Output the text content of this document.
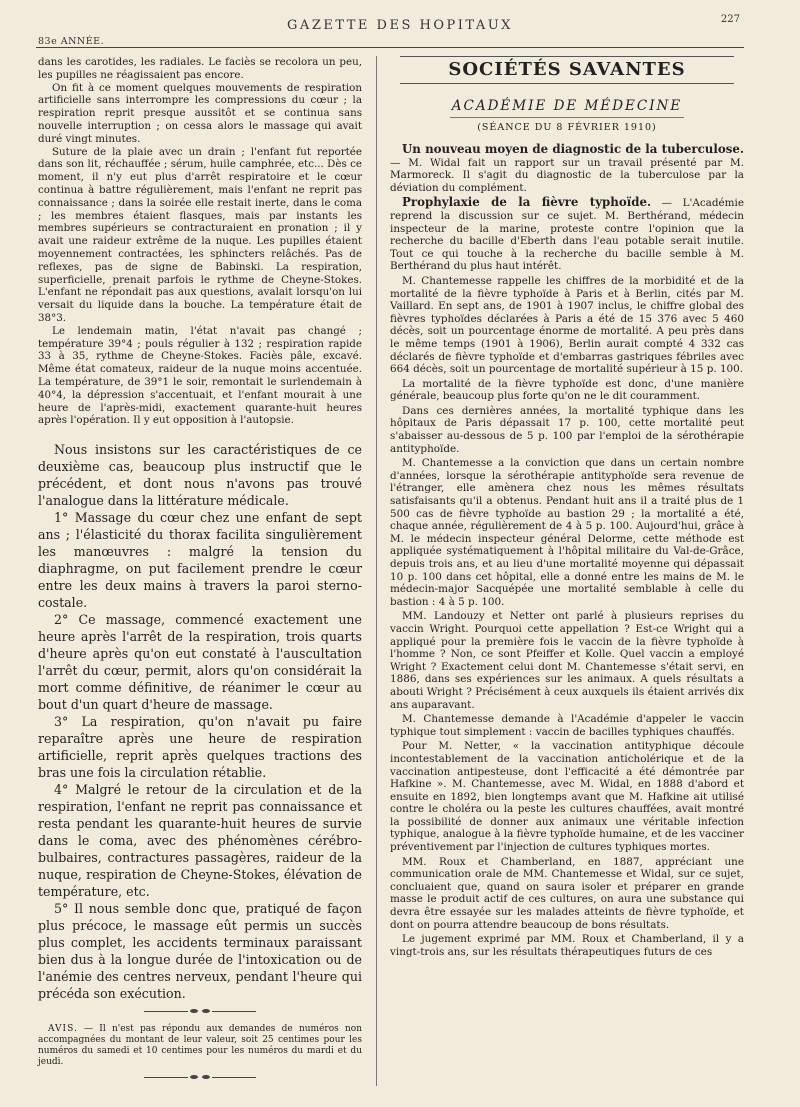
GAZETTE DES HOPITAUX	227
83e ANNÉE.

dans les carotides, les radiales. Le faciès se recolora un peu, les pupilles ne réagissaient pas encore.

On fit à ce moment quelques mouvements de respiration artificielle sans interrompre les compressions du cœur ; la respiration reprit presque aussitôt et se continua sans nouvelle interruption ; on cessa alors le massage qui avait duré vingt minutes.

Suture de la plaie avec un drain ; l'enfant fut reportée dans son lit, réchauffée ; sérum, huile camphrée, etc... Dès ce moment, il n'y eut plus d'arrêt respiratoire et le cœur continua à battre régulièrement, mais l'enfant ne reprit pas connaissance ; dans la soirée elle restait inerte, dans le coma ; les membres étaient flasques, mais par instants les membres supérieurs se contracturaient en pronation ; il y avait une raideur extrême de la nuque. Les pupilles étaient moyennement contractées, les sphincters relâchés. Pas de reflexes, pas de signe de Babinski. La respiration, superficielle, prenait parfois le rythme de Cheyne-Stokes. L'enfant ne répondait pas aux questions, avalait lorsqu'on lui versait du liquide dans la bouche. La température était de 38°3.

Le lendemain matin, l'état n'avait pas changé ; température 39°4 ; pouls régulier à 132 ; respiration rapide 33 à 35, rythme de Cheyne-Stokes. Faciès pâle, excavé. Même état comateux, raideur de la nuque moins accentuée. La température, de 39°1 le soir, remontait le surlendemain à 40°4, la dépression s'accentuait, et l'enfant mourait à une heure de l'après-midi, exactement quarante-huit heures après l'opération. Il y eut opposition à l'autopsie.

Nous insistons sur les caractéristiques de ce deuxième cas, beaucoup plus instructif que le précédent, et dont nous n'avons pas trouvé l'analogue dans la littérature médicale.

1° Massage du cœur chez une enfant de sept ans ; l'élasticité du thorax facilita singulièrement les manœuvres : malgré la tension du diaphragme, on put facilement prendre le cœur entre les deux mains à travers la paroi sterno-costale.

2° Ce massage, commencé exactement une heure après l'arrêt de la respiration, trois quarts d'heure après qu'on eut constaté à l'auscultation l'arrêt du cœur, permit, alors qu'on considérait la mort comme définitive, de réanimer le cœur au bout d'un quart d'heure de massage.

3° La respiration, qu'on n'avait pu faire reparaître après une heure de respiration artificielle, reprit après quelques tractions des bras une fois la circulation rétablie.

4° Malgré le retour de la circulation et de la respiration, l'enfant ne reprit pas connaissance et resta pendant les quarante-huit heures de survie dans le coma, avec des phénomènes cérébro-bulbaires, contractures passagères, raideur de la nuque, respiration de Cheyne-Stokes, élévation de température, etc.

5° Il nous semble donc que, pratiqué de façon plus précoce, le massage eût permis un succès plus complet, les accidents terminaux paraissant bien dus à la longue durée de l'intoxication ou de l'anémie des centres nerveux, pendant l'heure qui précéda son exécution.

AVIS. — Il n'est pas répondu aux demandes de numéros non accompagnées du montant de leur valeur, soit 25 centimes pour les numéros du samedi et 10 centimes pour les numéros du mardi et du jeudi.

SOCIÉTÉS SAVANTES
ACADÉMIE DE MÉDECINE
(SÉANCE DU 8 FÉVRIER 1910)

Un nouveau moyen de diagnostic de la tuberculose. — M. Widal fait un rapport sur un travail présenté par M. Marmoreck. Il s'agit du diagnostic de la tuberculose par la déviation du complément.

Prophylaxie de la fièvre typhoïde. — L'Académie reprend la discussion sur ce sujet. M. Berthérand, médecin inspecteur de la marine, proteste contre l'opinion que la recherche du bacille d'Eberth dans l'eau potable serait inutile. Tout ce qui touche à la recherche du bacille semble à M. Berthérand du plus haut intérêt.

M. Chantemesse rappelle les chiffres de la morbidité et de la mortalité de la fièvre typhoïde à Paris et à Berlin, cités par M. Vaillard. En sept ans, de 1901 à 1907 inclus, le chiffre global des fièvres typhoïdes déclarées à Paris a été de 15 376 avec 5 460 décès, soit un pourcentage énorme de mortalité. A peu près dans le même temps (1901 à 1906), Berlin aurait compté 4 332 cas déclarés de fièvre typhoïde et d'embarras gastriques fébriles avec 664 décès, soit un pourcentage de mortalité supérieur à 15 p. 100.

La mortalité de la fièvre typhoïde est donc, d'une manière générale, beaucoup plus forte qu'on ne le dit couramment.

Dans ces dernières années, la mortalité typhique dans les hôpitaux de Paris dépassait 17 p. 100, cette mortalité peut s'abaisser au-dessous de 5 p. 100 par l'emploi de la sérothérapie antityphoïde.

M. Chantemesse a la conviction que dans un certain nombre d'années, lorsque la sérothérapie antityphoïde sera revenue de l'étranger, elle amènera chez nous les mêmes résultats satisfaisants qu'il a obtenus. Pendant huit ans il a traité plus de 1 500 cas de fièvre typhoïde au bastion 29 ; la mortalité a été, chaque année, régulièrement de 4 à 5 p. 100. Aujourd'hui, grâce à M. le médecin inspecteur général Delorme, cette méthode est appliquée systématiquement à l'hôpital militaire du Val-de-Grâce, depuis trois ans, et au lieu d'une mortalité moyenne qui dépassait 10 p. 100 dans cet hôpital, elle a donné entre les mains de M. le médecin-major Sacquépée une mortalité semblable à celle du bastion : 4 à 5 p. 100.

MM. Landouzy et Netter ont parlé à plusieurs reprises du vaccin Wright. Pourquoi cette appellation ? Est-ce Wright qui a appliqué pour la première fois le vaccin de la fièvre typhoïde à l'homme ? Non, ce sont Pfeiffer et Kolle. Quel vaccin a employé Wright ? Exactement celui dont M. Chantemesse s'était servi, en 1886, dans ses expériences sur les animaux. A quels résultats a abouti Wright ? Précisément à ceux auxquels ils étaient arrivés dix ans auparavant.

M. Chantemesse demande à l'Académie d'appeler le vaccin typhique tout simplement : vaccin de bacilles typhiques chauffés.

Pour M. Netter, « la vaccination antityphique découle incontestablement de la vaccination anticholérique et de la vaccination antipesteuse, dont l'efficacité a été démontrée par Hafkine ». M. Chantemesse, avec M. Widal, en 1888 d'abord et ensuite en 1892, bien longtemps avant que M. Hafkine ait utilisé contre le choléra ou la peste les cultures chauffées, avait montré la possibilité de donner aux animaux une véritable infection typhique, analogue à la fièvre typhoïde humaine, et de les vacciner préventivement par l'injection de cultures typhiques mortes.

MM. Roux et Chamberland, en 1887, appréciant une communication orale de MM. Chantemesse et Widal, sur ce sujet, concluaient que, quand on saura isoler et préparer en grande masse le produit actif de ces cultures, on aura une substance qui devra être essayée sur les malades atteints de fièvre typhoïde, et dont on pourra attendre beaucoup de bons résultats.

Le jugement exprimé par MM. Roux et Chamberland, il y a vingt-trois ans, sur les résultats thérapeutiques futurs de ces
